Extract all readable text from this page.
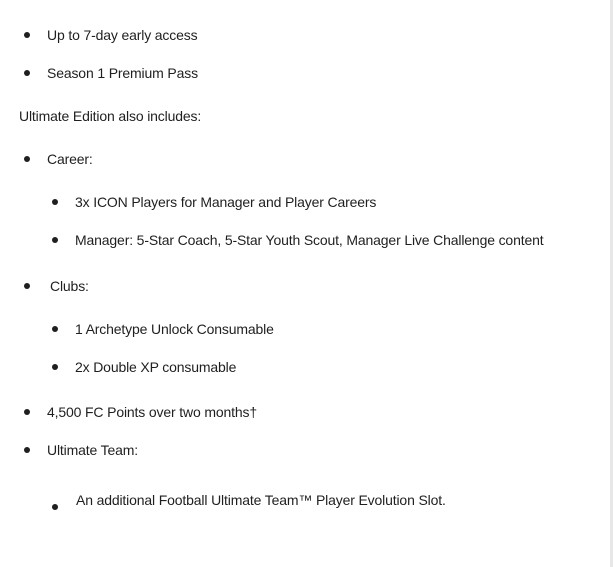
Up to 7-day early access
Season 1 Premium Pass
Ultimate Edition also includes:
Career:
3x ICON Players for Manager and Player Careers
Manager: 5-Star Coach, 5-Star Youth Scout, Manager Live Challenge content
Clubs:
1 Archetype Unlock Consumable
2x Double XP consumable
4,500 FC Points over two months†
Ultimate Team:
An additional Football Ultimate Team™ Player Evolution Slot.
